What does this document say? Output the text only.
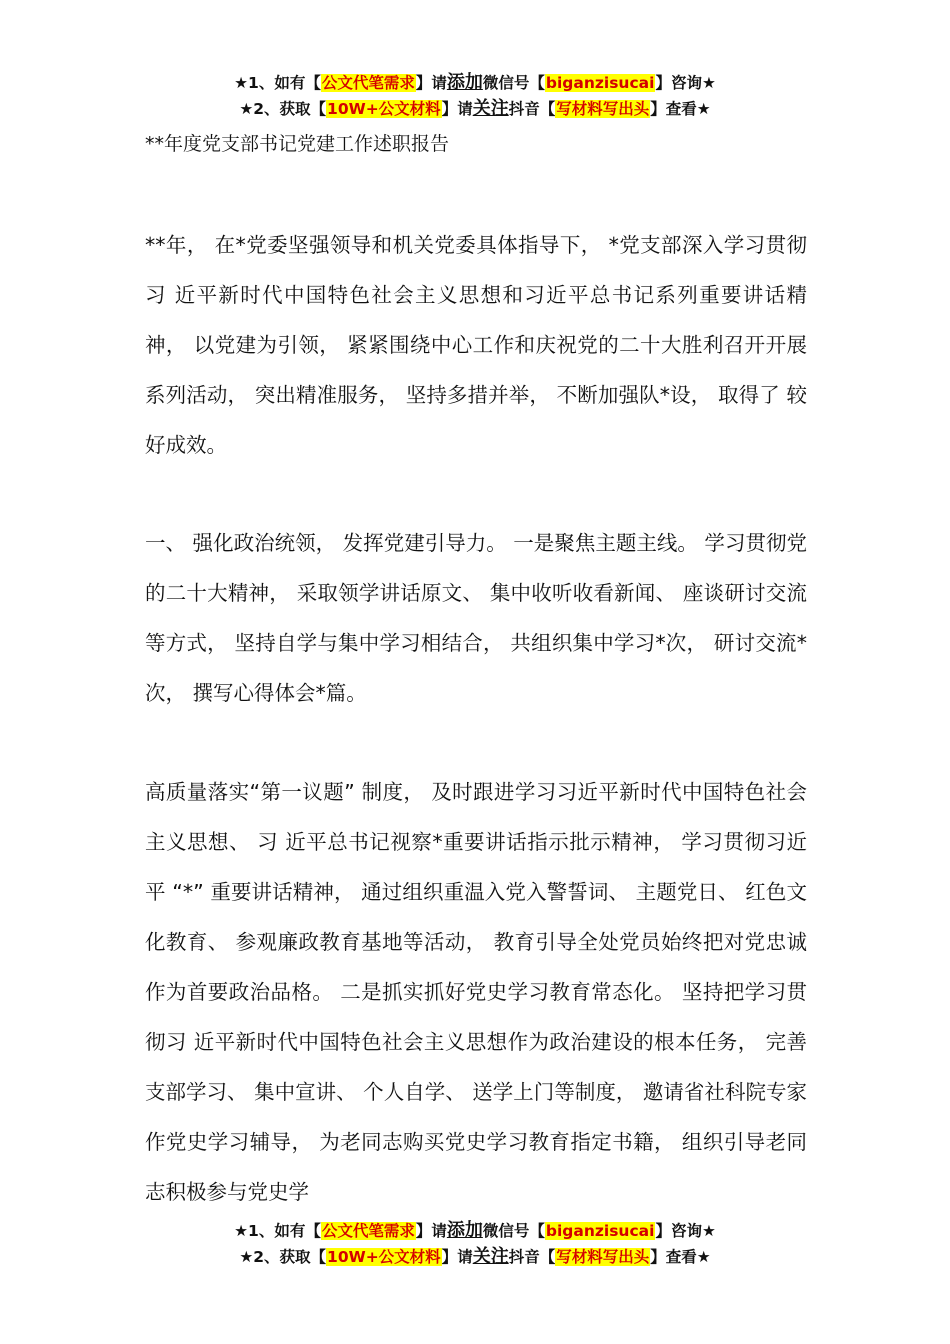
★1、如有【公文代笔需求】请添加微信号【biganzisucai】咨询★
★2、获取【10W+公文材料】请关注抖音【写材料写出头】查看★
**年度党支部书记党建工作述职报告

**年， 在*党委坚强领导和机关党委具体指导下， *党支部深入学习贯彻习 近平新时代中国特色社会主义思想和习近平总书记系列重要讲话精神， 以党建为引领， 紧紧围绕中心工作和庆祝党的二十大胜利召开开展系列活动， 突出精准服务， 坚持多措并举， 不断加强队*设， 取得了 较好成效。

一、 强化政治统领， 发挥党建引导力。 一是聚焦主题主线。 学习贯彻党的二十大精神， 采取领学讲话原文、 集中收听收看新闻、 座谈研讨交流等方式， 坚持自学与集中学习相结合， 共组织集中学习*次， 研讨交流*次， 撰写心得体会*篇。

高质量落实“第一议题” 制度， 及时跟进学习习近平新时代中国特色社会主义思想、 习 近平总书记视察*重要讲话指示批示精神， 学习贯彻习近平 “*” 重要讲话精神， 通过组织重温入党入警誓词、 主题党日、 红色文化教育、 参观廉政教育基地等活动， 教育引导全处党员始终把对党忠诚作为首要政治品格。 二是抓实抓好党史学习教育常态化。 坚持把学习贯彻习 近平新时代中国特色社会主义思想作为政治建设的根本任务， 完善支部学习、 集中宣讲、 个人自学、 送学上门等制度， 邀请省社科院专家作党史学习辅导， 为老同志购买党史学习教育指定书籍， 组织引导老同志积极参与党史学

★1、如有【公文代笔需求】请添加微信号【biganzisucai】咨询★
★2、获取【10W+公文材料】请关注抖音【写材料写出头】查看★
